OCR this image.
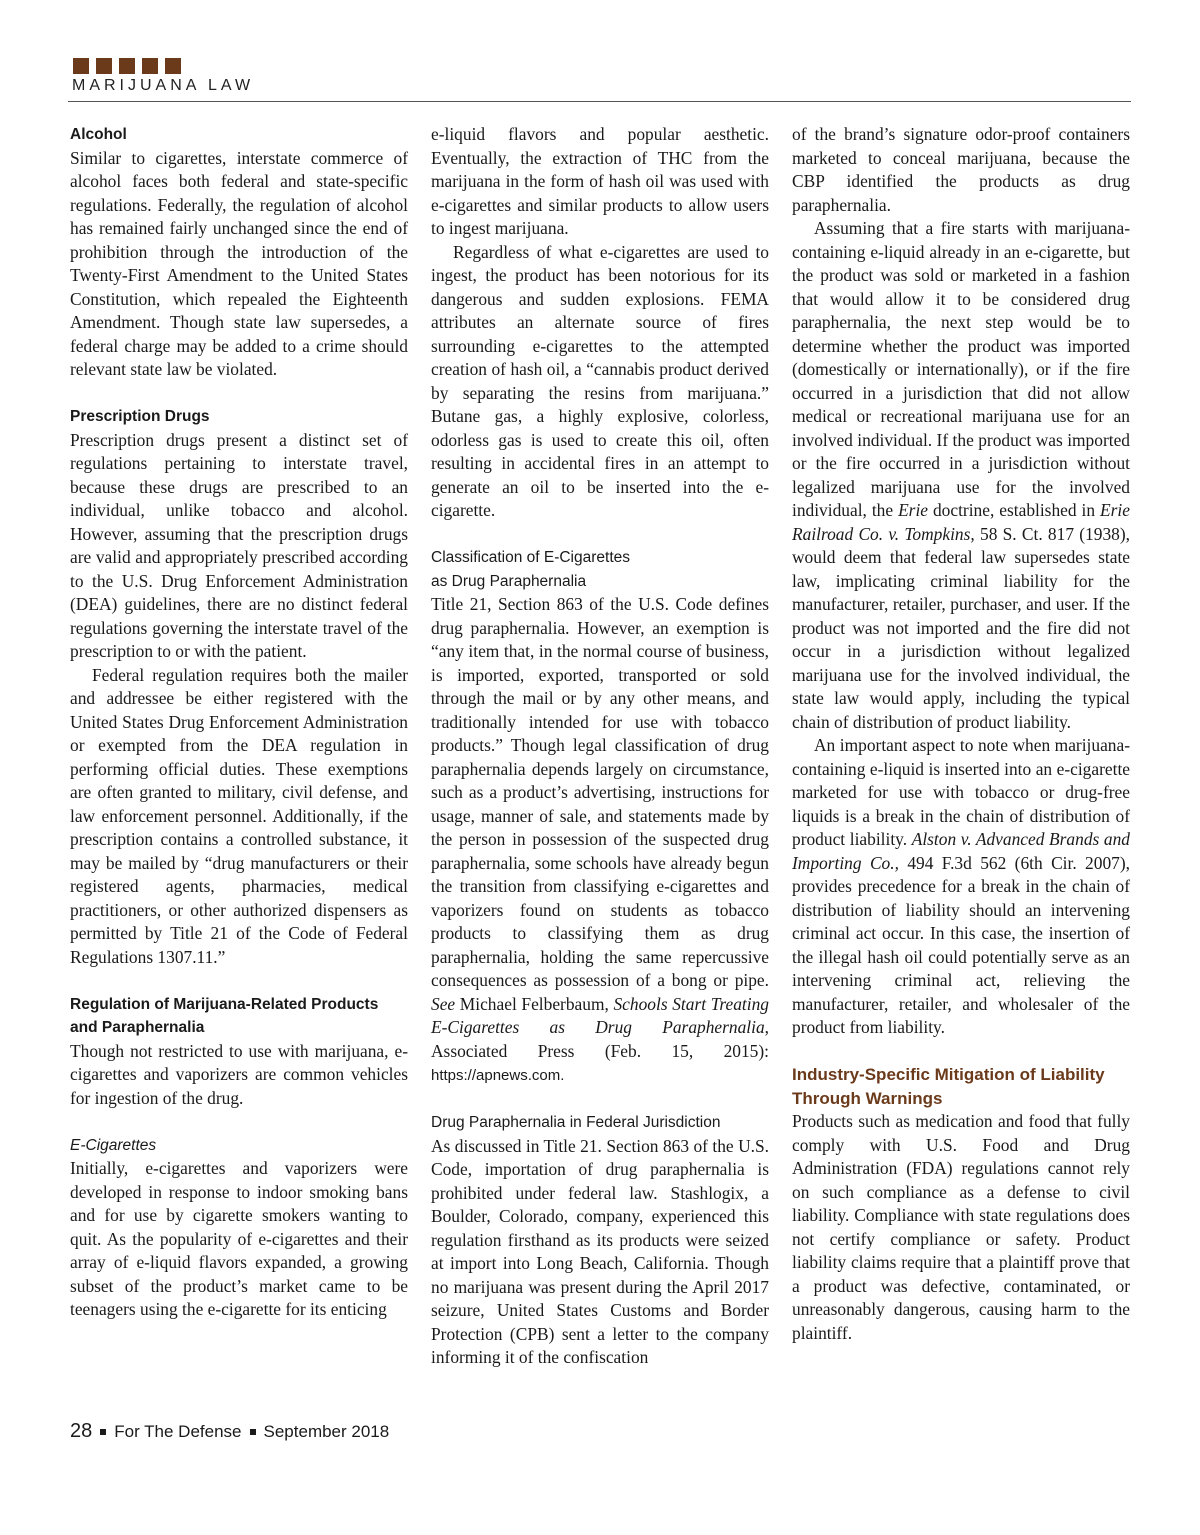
MARIJUANA LAW
Alcohol

Similar to cigarettes, interstate commerce of alcohol faces both federal and state-specific regulations. Federally, the regulation of alcohol has remained fairly unchanged since the end of prohibition through the introduction of the Twenty-First Amendment to the United States Constitution, which repealed the Eighteenth Amendment. Though state law supersedes, a federal charge may be added to a crime should relevant state law be violated.

Prescription Drugs

Prescription drugs present a distinct set of regulations pertaining to interstate travel, because these drugs are prescribed to an individual, unlike tobacco and alcohol. However, assuming that the prescription drugs are valid and appropriately prescribed according to the U.S. Drug Enforcement Administration (DEA) guidelines, there are no distinct federal regulations governing the interstate travel of the prescription to or with the patient.

Federal regulation requires both the mailer and addressee be either registered with the United States Drug Enforcement Administration or exempted from the DEA regulation in performing official duties. These exemptions are often granted to military, civil defense, and law enforcement personnel. Additionally, if the prescription contains a controlled substance, it may be mailed by “drug manufacturers or their registered agents, pharmacies, medical practitioners, or other authorized dispensers as permitted by Title 21 of the Code of Federal Regulations 1307.11.”

Regulation of Marijuana-Related Products and Paraphernalia

Though not restricted to use with marijuana, e-cigarettes and vaporizers are common vehicles for ingestion of the drug.

E-Cigarettes

Initially, e-cigarettes and vaporizers were developed in response to indoor smoking bans and for use by cigarette smokers wanting to quit. As the popularity of e-cigarettes and their array of e-liquid flavors expanded, a growing subset of the product’s market came to be teenagers using the e-cigarette for its enticing

e-liquid flavors and popular aesthetic. Eventually, the extraction of THC from the marijuana in the form of hash oil was used with e-cigarettes and similar products to allow users to ingest marijuana.

Regardless of what e-cigarettes are used to ingest, the product has been notorious for its dangerous and sudden explosions. FEMA attributes an alternate source of fires surrounding e-cigarettes to the attempted creation of hash oil, a “cannabis product derived by separating the resins from marijuana.” Butane gas, a highly explosive, colorless, odorless gas is used to create this oil, often resulting in accidental fires in an attempt to generate an oil to be inserted into the e-cigarette.

Classification of E-Cigarettes
as Drug Paraphernalia

Title 21, Section 863 of the U.S. Code defines drug paraphernalia. However, an exemption is “any item that, in the normal course of business, is imported, exported, transported or sold through the mail or by any other means, and traditionally intended for use with tobacco products.” Though legal classification of drug paraphernalia depends largely on circumstance, such as a product’s advertising, instructions for usage, manner of sale, and statements made by the person in possession of the suspected drug paraphernalia, some schools have already begun the transition from classifying e-cigarettes and vaporizers found on students as tobacco products to classifying them as drug paraphernalia, holding the same repercussive consequences as possession of a bong or pipe. See Michael Felberbaum, Schools Start Treating E-Cigarettes as Drug Paraphernalia, Associated Press (Feb. 15, 2015): https://apnews.com.

Drug Paraphernalia in Federal Jurisdiction

As discussed in Title 21. Section 863 of the U.S. Code, importation of drug paraphernalia is prohibited under federal law. Stashlogix, a Boulder, Colorado, company, experienced this regulation firsthand as its products were seized at import into Long Beach, California. Though no marijuana was present during the April 2017 seizure, United States Customs and Border Protection (CPB) sent a letter to the company informing it of the confiscation

of the brand’s signature odor-proof containers marketed to conceal marijuana, because the CBP identified the products as drug paraphernalia.

Assuming that a fire starts with marijuana-containing e-liquid already in an e-cigarette, but the product was sold or marketed in a fashion that would allow it to be considered drug paraphernalia, the next step would be to determine whether the product was imported (domestically or internationally), or if the fire occurred in a jurisdiction that did not allow medical or recreational marijuana use for an involved individual. If the product was imported or the fire occurred in a jurisdiction without legalized marijuana use for the involved individual, the Erie doctrine, established in Erie Railroad Co. v. Tompkins, 58 S. Ct. 817 (1938), would deem that federal law supersedes state law, implicating criminal liability for the manufacturer, retailer, purchaser, and user. If the product was not imported and the fire did not occur in a jurisdiction without legalized marijuana use for the involved individual, the state law would apply, including the typical chain of distribution of product liability.

An important aspect to note when marijuana-containing e-liquid is inserted into an e-cigarette marketed for use with tobacco or drug-free liquids is a break in the chain of distribution of product liability. Alston v. Advanced Brands and Importing Co., 494 F.3d 562 (6th Cir. 2007), provides precedence for a break in the chain of distribution of liability should an intervening criminal act occur. In this case, the insertion of the illegal hash oil could potentially serve as an intervening criminal act, relieving the manufacturer, retailer, and wholesaler of the product from liability.

Industry-Specific Mitigation of Liability Through Warnings

Products such as medication and food that fully comply with U.S. Food and Drug Administration (FDA) regulations cannot rely on such compliance as a defense to civil liability. Compliance with state regulations does not certify compliance or safety. Product liability claims require that a plaintiff prove that a product was defective, contaminated, or unreasonably dangerous, causing harm to the plaintiff.

28 For The Defense September 2018
